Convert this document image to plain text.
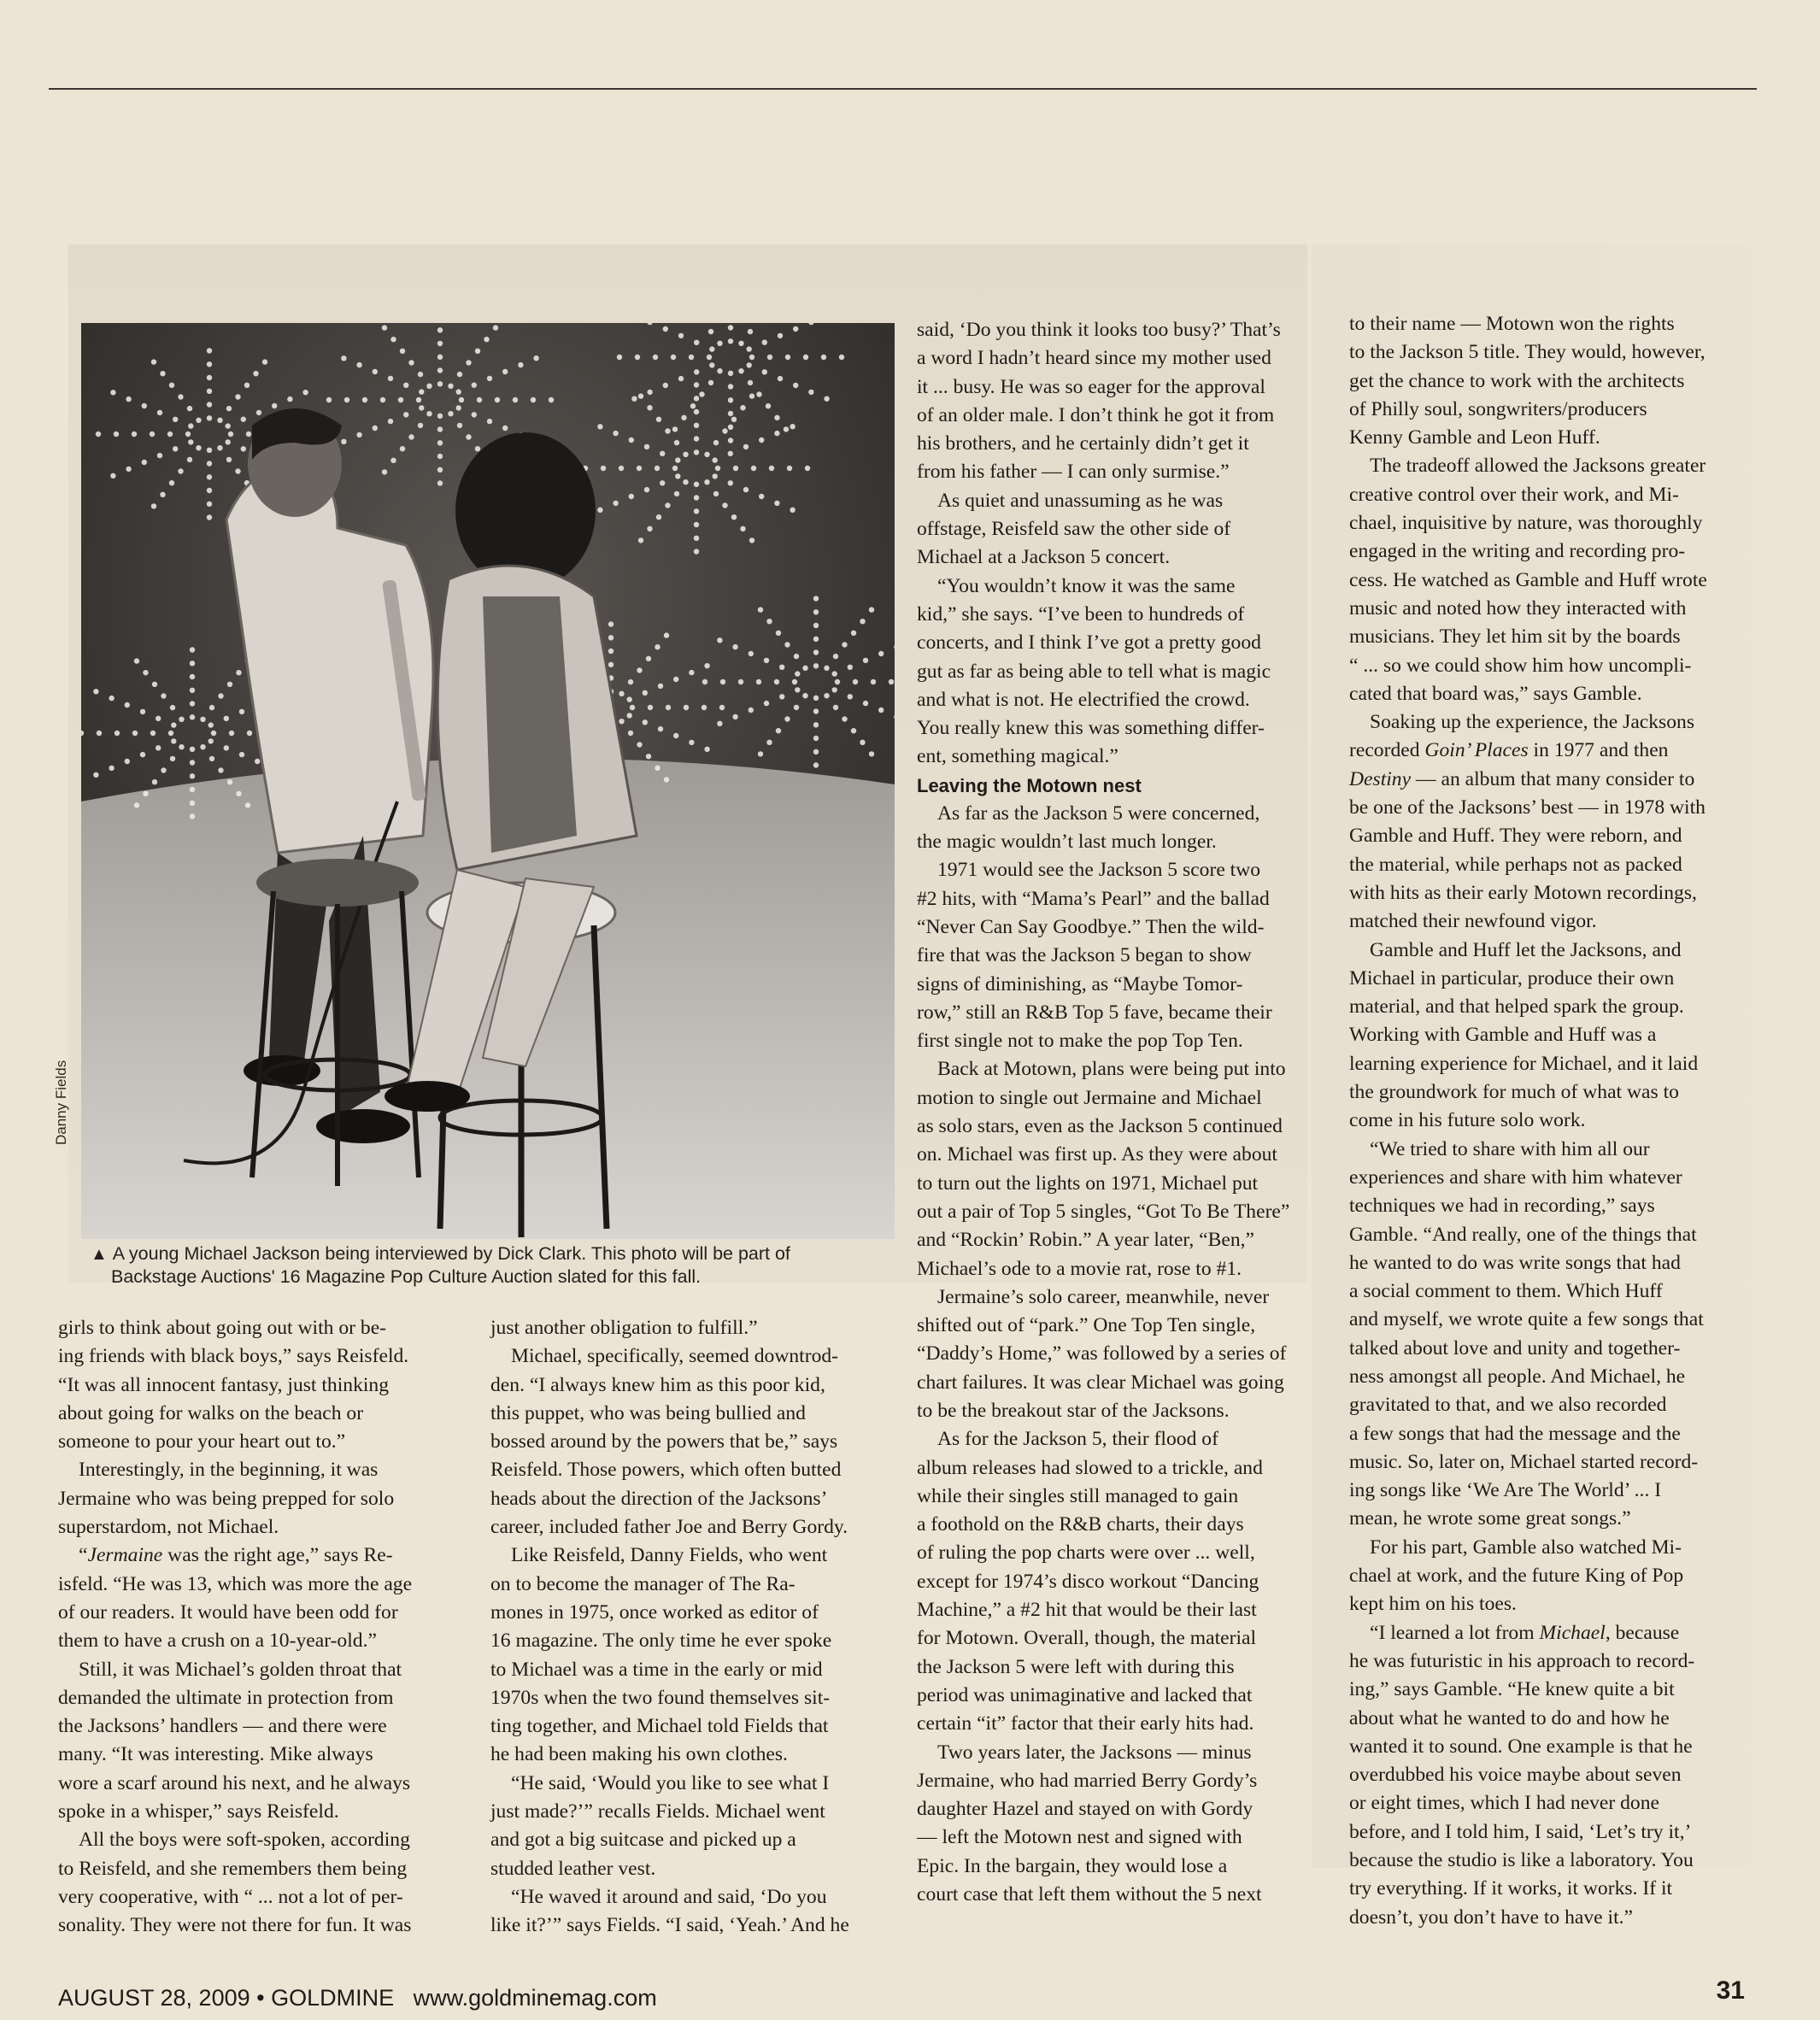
Danny Fields
▲ A young Michael Jackson being interviewed by Dick Clark. This photo will be part of
Backstage Auctions' 16 Magazine Pop Culture Auction slated for this fall.
girls to think about going out with or be-
ing friends with black boys,” says Reisfeld.
“It was all innocent fantasy, just thinking
about going for walks on the beach or
someone to pour your heart out to.”
Interestingly, in the beginning, it was
Jermaine who was being prepped for solo
superstardom, not Michael.
“Jermaine was the right age,” says Re-
isfeld. “He was 13, which was more the age
of our readers. It would have been odd for
them to have a crush on a 10-year-old.”
Still, it was Michael’s golden throat that
demanded the ultimate in protection from
the Jacksons’ handlers — and there were
many. “It was interesting. Mike always
wore a scarf around his next, and he always
spoke in a whisper,” says Reisfeld.
All the boys were soft-spoken, according
to Reisfeld, and she remembers them being
very cooperative, with “ ... not a lot of per-
sonality. They were not there for fun. It was
just another obligation to fulfill.”
Michael, specifically, seemed downtrod-
den. “I always knew him as this poor kid,
this puppet, who was being bullied and
bossed around by the powers that be,” says
Reisfeld. Those powers, which often butted
heads about the direction of the Jacksons’
career, included father Joe and Berry Gordy.
Like Reisfeld, Danny Fields, who went
on to become the manager of The Ra-
mones in 1975, once worked as editor of
16 magazine. The only time he ever spoke
to Michael was a time in the early or mid
1970s when the two found themselves sit-
ting together, and Michael told Fields that
he had been making his own clothes.
“He said, ‘Would you like to see what I
just made?’” recalls Fields. Michael went
and got a big suitcase and picked up a
studded leather vest.
“He waved it around and said, ‘Do you
like it?’” says Fields. “I said, ‘Yeah.’ And he
said, ‘Do you think it looks too busy?’ That’s
a word I hadn’t heard since my mother used
it ... busy. He was so eager for the approval
of an older male. I don’t think he got it from
his brothers, and he certainly didn’t get it
from his father — I can only surmise.”
As quiet and unassuming as he was
offstage, Reisfeld saw the other side of
Michael at a Jackson 5 concert.
“You wouldn’t know it was the same
kid,” she says. “I’ve been to hundreds of
concerts, and I think I’ve got a pretty good
gut as far as being able to tell what is magic
and what is not. He electrified the crowd.
You really knew this was something differ-
ent, something magical.”
Leaving the Motown nest
As far as the Jackson 5 were concerned,
the magic wouldn’t last much longer.
1971 would see the Jackson 5 score two
#2 hits, with “Mama’s Pearl” and the ballad
“Never Can Say Goodbye.” Then the wild-
fire that was the Jackson 5 began to show
signs of diminishing, as “Maybe Tomor-
row,” still an R&B Top 5 fave, became their
first single not to make the pop Top Ten.
Back at Motown, plans were being put into
motion to single out Jermaine and Michael
as solo stars, even as the Jackson 5 continued
on. Michael was first up. As they were about
to turn out the lights on 1971, Michael put
out a pair of Top 5 singles, “Got To Be There”
and “Rockin’ Robin.” A year later, “Ben,”
Michael’s ode to a movie rat, rose to #1.
Jermaine’s solo career, meanwhile, never
shifted out of “park.” One Top Ten single,
“Daddy’s Home,” was followed by a series of
chart failures. It was clear Michael was going
to be the breakout star of the Jacksons.
As for the Jackson 5, their flood of
album releases had slowed to a trickle, and
while their singles still managed to gain
a foothold on the R&B charts, their days
of ruling the pop charts were over ... well,
except for 1974’s disco workout “Dancing
Machine,” a #2 hit that would be their last
for Motown. Overall, though, the material
the Jackson 5 were left with during this
period was unimaginative and lacked that
certain “it” factor that their early hits had.
Two years later, the Jacksons — minus
Jermaine, who had married Berry Gordy’s
daughter Hazel and stayed on with Gordy
— left the Motown nest and signed with
Epic. In the bargain, they would lose a
court case that left them without the 5 next
to their name — Motown won the rights
to the Jackson 5 title. They would, however,
get the chance to work with the architects
of Philly soul, songwriters/producers
Kenny Gamble and Leon Huff.
The tradeoff allowed the Jacksons greater
creative control over their work, and Mi-
chael, inquisitive by nature, was thoroughly
engaged in the writing and recording pro-
cess. He watched as Gamble and Huff wrote
music and noted how they interacted with
musicians. They let him sit by the boards
“ ... so we could show him how uncompli-
cated that board was,” says Gamble.
Soaking up the experience, the Jacksons
recorded Goin’ Places in 1977 and then
Destiny — an album that many consider to
be one of the Jacksons’ best — in 1978 with
Gamble and Huff. They were reborn, and
the material, while perhaps not as packed
with hits as their early Motown recordings,
matched their newfound vigor.
Gamble and Huff let the Jacksons, and
Michael in particular, produce their own
material, and that helped spark the group.
Working with Gamble and Huff was a
learning experience for Michael, and it laid
the groundwork for much of what was to
come in his future solo work.
“We tried to share with him all our
experiences and share with him whatever
techniques we had in recording,” says
Gamble. “And really, one of the things that
he wanted to do was write songs that had
a social comment to them. Which Huff
and myself, we wrote quite a few songs that
talked about love and unity and together-
ness amongst all people. And Michael, he
gravitated to that, and we also recorded
a few songs that had the message and the
music. So, later on, Michael started record-
ing songs like ‘We Are The World’ ... I
mean, he wrote some great songs.”
For his part, Gamble also watched Mi-
chael at work, and the future King of Pop
kept him on his toes.
“I learned a lot from Michael, because
he was futuristic in his approach to record-
ing,” says Gamble. “He knew quite a bit
about what he wanted to do and how he
wanted it to sound. One example is that he
overdubbed his voice maybe about seven
or eight times, which I had never done
before, and I told him, I said, ‘Let’s try it,’
because the studio is like a laboratory. You
try everything. If it works, it works. If it
doesn’t, you don’t have to have it.”
AUGUST 28, 2009 • GOLDMINE   www.goldminemag.com	31
